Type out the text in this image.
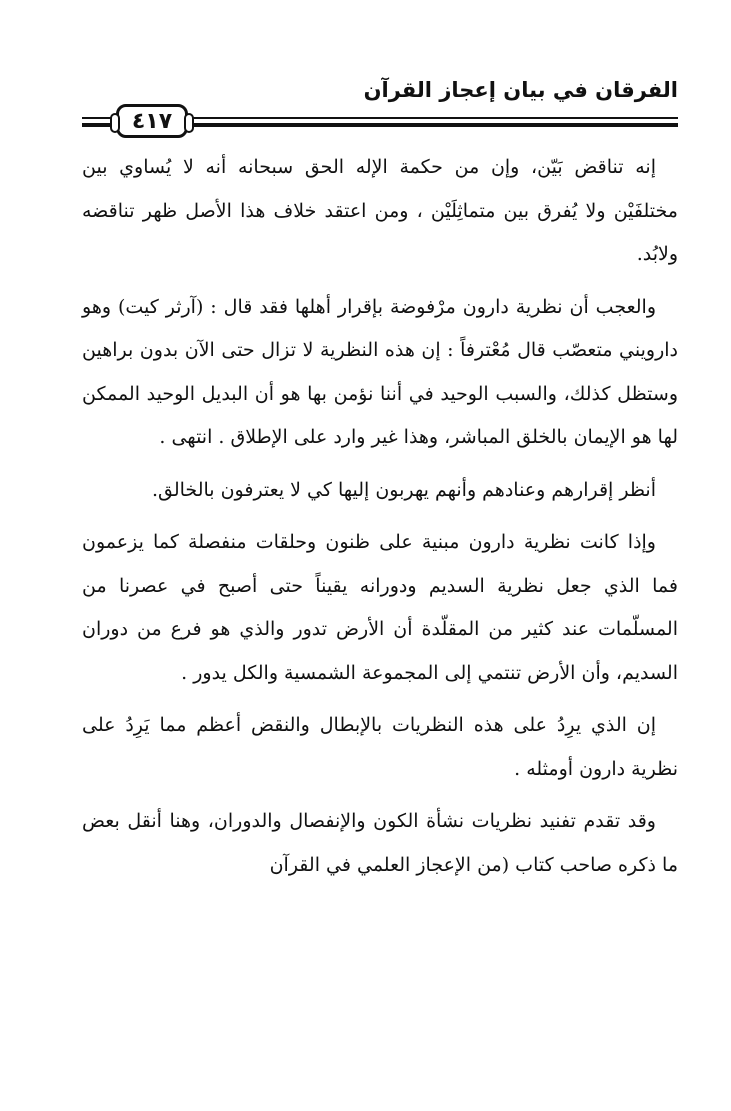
الفرقان في بيان إعجاز القرآن
٤١٧

إنه تناقض بَيّن، وإن من حكمة الإله الحق سبحانه أنه لا يُساوي بين مختلفَيْن ولا يُفرق بين متماثِلَيْن ، ومن اعتقد خلاف هذا الأصل ظهر تناقضه ولابُد.

والعجب أن نظرية دارون مرْفوضة بإقرار أهلها فقد قال : (آرثر كيت) وهو دارويني متعصّب قال مُعْترفاً : إن هذه النظرية لا تزال حتى الآن بدون براهين وستظل كذلك، والسبب الوحيد في أننا نؤمن بها هو أن البديل الوحيد الممكن لها هو الإيمان بالخلق المباشر، وهذا غير وارد على الإطلاق . انتهى .

أنظر إقرارهم وعنادهم وأنهم يهربون إليها كي لا يعترفون بالخالق.

وإذا كانت نظرية دارون مبنية على ظنون وحلقات منفصلة كما يزعمون فما الذي جعل نظرية السديم ودورانه يقيناً حتى أصبح في عصرنا من المسلّمات عند كثير من المقلّدة أن الأرض تدور والذي هو فرع من دوران السديم، وأن الأرض تنتمي إلى المجموعة الشمسية والكل يدور .

إن الذي يرِدُ على هذه النظريات بالإبطال والنقض أعظم مما يَرِدُ على نظرية دارون أومثله .

وقد تقدم تفنيد نظريات نشأة الكون والإنفصال والدوران، وهنا أنقل بعض ما ذكره صاحب كتاب (من الإعجاز العلمي في القرآن
